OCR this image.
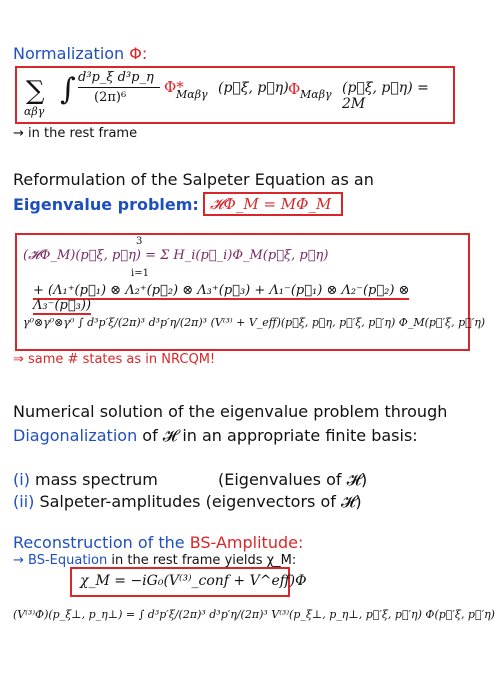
Normalization Φ:
∑
αβγ
∫ d³p_ξ d³p_η
(2π)⁶
Φ*
Mαβγ (p⃗ξ, p⃗η) Φ Mαβγ (p⃗ξ, p⃗η) = 2M
→ in the rest frame
Reformulation of the Salpeter Equation as an
Eigenvalue problem: 𝓗Φ_M = MΦ_M
3
i=1
(𝓗Φ_M)(p⃗ξ, p⃗η) = Σ H_i(p⃗_i)Φ_M(p⃗ξ, p⃗η)
+ (Λ₁⁺(p⃗₁) ⊗ Λ₂⁺(p⃗₂) ⊗ Λ₃⁺(p⃗₃) + Λ₁⁻(p⃗₁) ⊗ Λ₂⁻(p⃗₂) ⊗ Λ₃⁻(p⃗₃))
γ⁰⊗γ⁰⊗γ⁰ ∫ d³p′ξ/(2π)³ d³p′η/(2π)³ (V⁽³⁾ + V_eff)(p⃗ξ, p⃗η, p⃗′ξ, p⃗′η) Φ_M(p⃗′ξ, p⃗′η)
⇒ same # states as in NRCQM!
Numerical solution of the eigenvalue problem through
Diagonalization of 𝓗 in an appropriate finite basis:
(i) mass spectrum	(Eigenvalues of 𝓗)
(ii) Salpeter-amplitudes (eigenvectors of 𝓗)
Reconstruction of the BS-Amplitude:
→ BS-Equation in the rest frame yields χ_M:
χ_M = −iG₀(V⁽³⁾_conf + V^eff)Φ
(V⁽³⁾Φ)(p_ξ⊥, p_η⊥) = ∫ d³p′ξ/(2π)³ d³p′η/(2π)³ V⁽³⁾(p_ξ⊥, p_η⊥, p⃗′ξ, p⃗′η) Φ(p⃗′ξ, p⃗′η)
